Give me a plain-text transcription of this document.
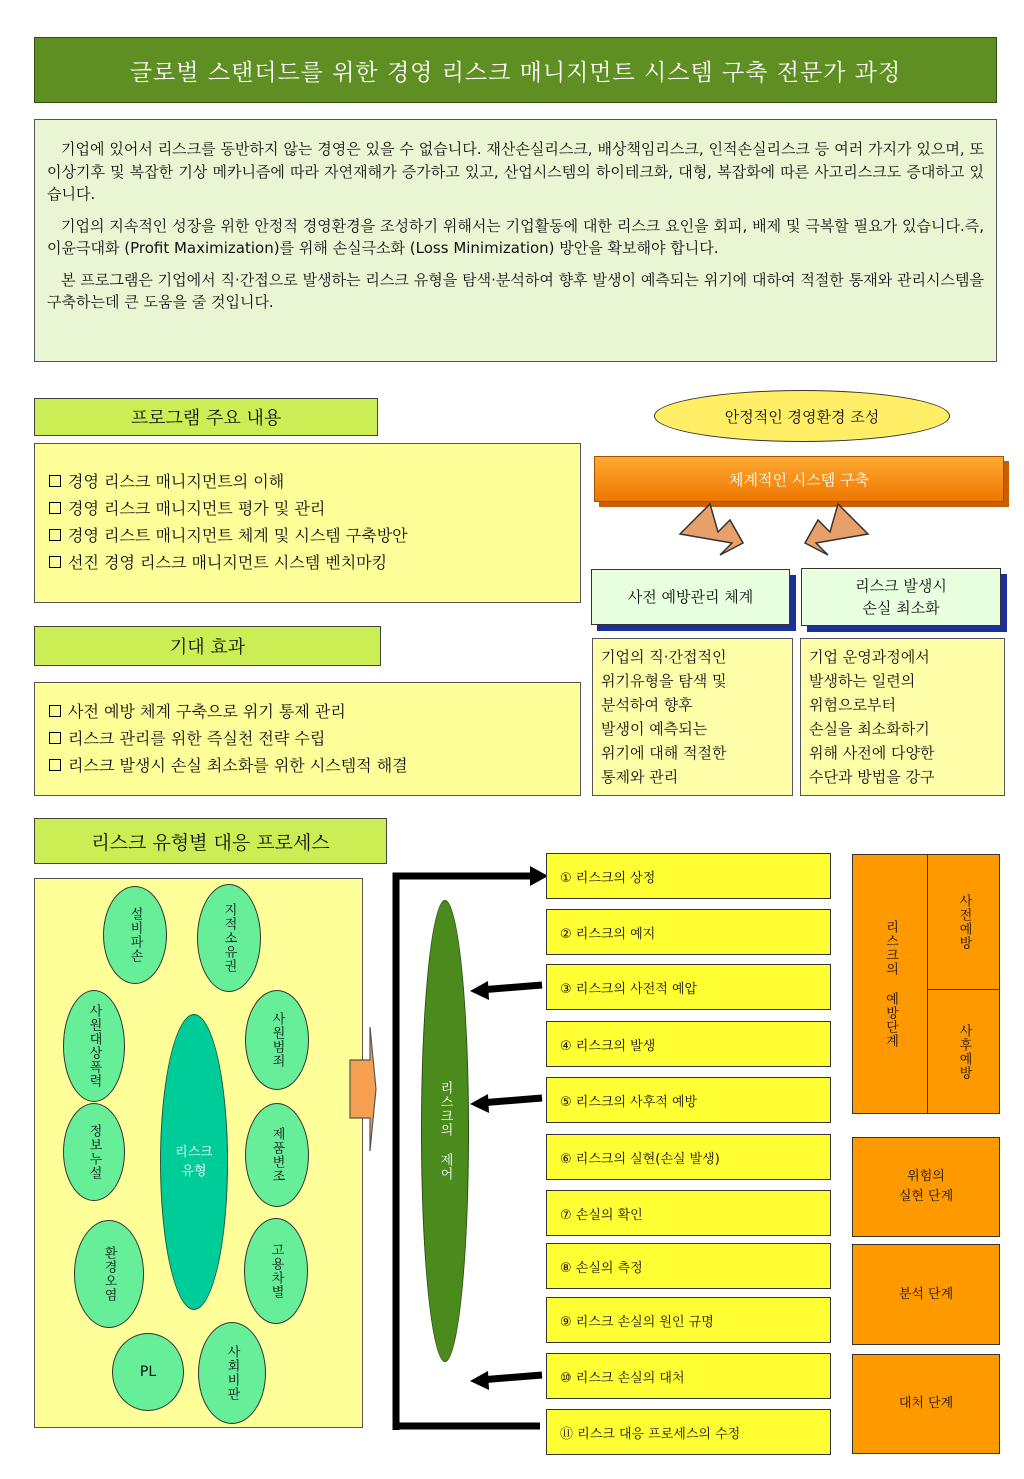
글로벌 스탠더드를 위한 경영 리스크 매니지먼트 시스템 구축 전문가 과정

기업에 있어서 리스크를 동반하지 않는 경영은 있을 수 없습니다. 재산손실리스크, 배상책임리스크, 인적손실리스크 등 여러 가지가 있으며, 또 이상기후 및 복잡한 기상 메카니즘에 따라 자연재해가 증가하고 있고, 산업시스템의 하이테크화, 대형, 복잡화에 따른 사고리스크도 증대하고 있습니다.

기업의 지속적인 성장을 위한 안정적 경영환경을 조성하기 위해서는 기업활동에 대한 리스크 요인을 회피, 배제 및 극복할 필요가 있습니다.즉, 이윤극대화 (Profit Maximization)를 위해 손실극소화 (Loss Minimization) 방안을 확보해야 합니다.

본 프로그램은 기업에서 직·간접으로 발생하는 리스크 유형을 탐색·분석하여 향후 발생이 예측되는 위기에 대하여 적절한 통재와 관리시스템을 구축하는데 큰 도움을 줄 것입니다.

프로그램 주요 내용
경영 리스크 매니지먼트의 이해
경영 리스크 매니지먼트 평가 및 관리
경영 리스트 매니지먼트 체계 및 시스템 구축방안
선진 경영 리스크 매니지먼트 시스템 벤치마킹
기대 효과
사전 예방 체계 구축으로 위기 통제 관리
리스크 관리를 위한 즉실천 전략 수립
리스크 발생시 손실 최소화를 위한 시스템적 해결
안정적인 경영환경 조성
체계적인 시스템 구축
사전 예방관리 체계
리스크 발생시
손실 최소화
기업의 직·간접적인
위기유형을 탐색 및
분석하여 향후
발생이 예측되는
위기에 대해 적절한
통제와 관리
기업 운영과정에서
발생하는 일련의
위험으로부터
손실을 최소화하기
위해 사전에 다양한
수단과 방법을 강구
리스크 유형별 대응 프로세스
설비파손	지적소유권
사원대상폭력	사원범죄
정보누설	제품변조
환경오염	고용차별
PL	사회비판
리스크
유형	리스크의 제어
① 리스크의 상정
② 리스크의 예지
③ 리스크의 사전적 예압
④ 리스크의 발생
⑤ 리스크의 사후적 예방
⑥ 리스크의 실현(손실 발생)
⑦ 손실의 확인
⑧ 손실의 측정
⑨ 리스크 손실의 원인 규명
⑩ 리스크 손실의 대처
⑪ 리스크 대응 프로세스의 수정
리스크의 예방단계	사전예방
사후예방
위험의
실현 단계
분석 단계
대처 단계
